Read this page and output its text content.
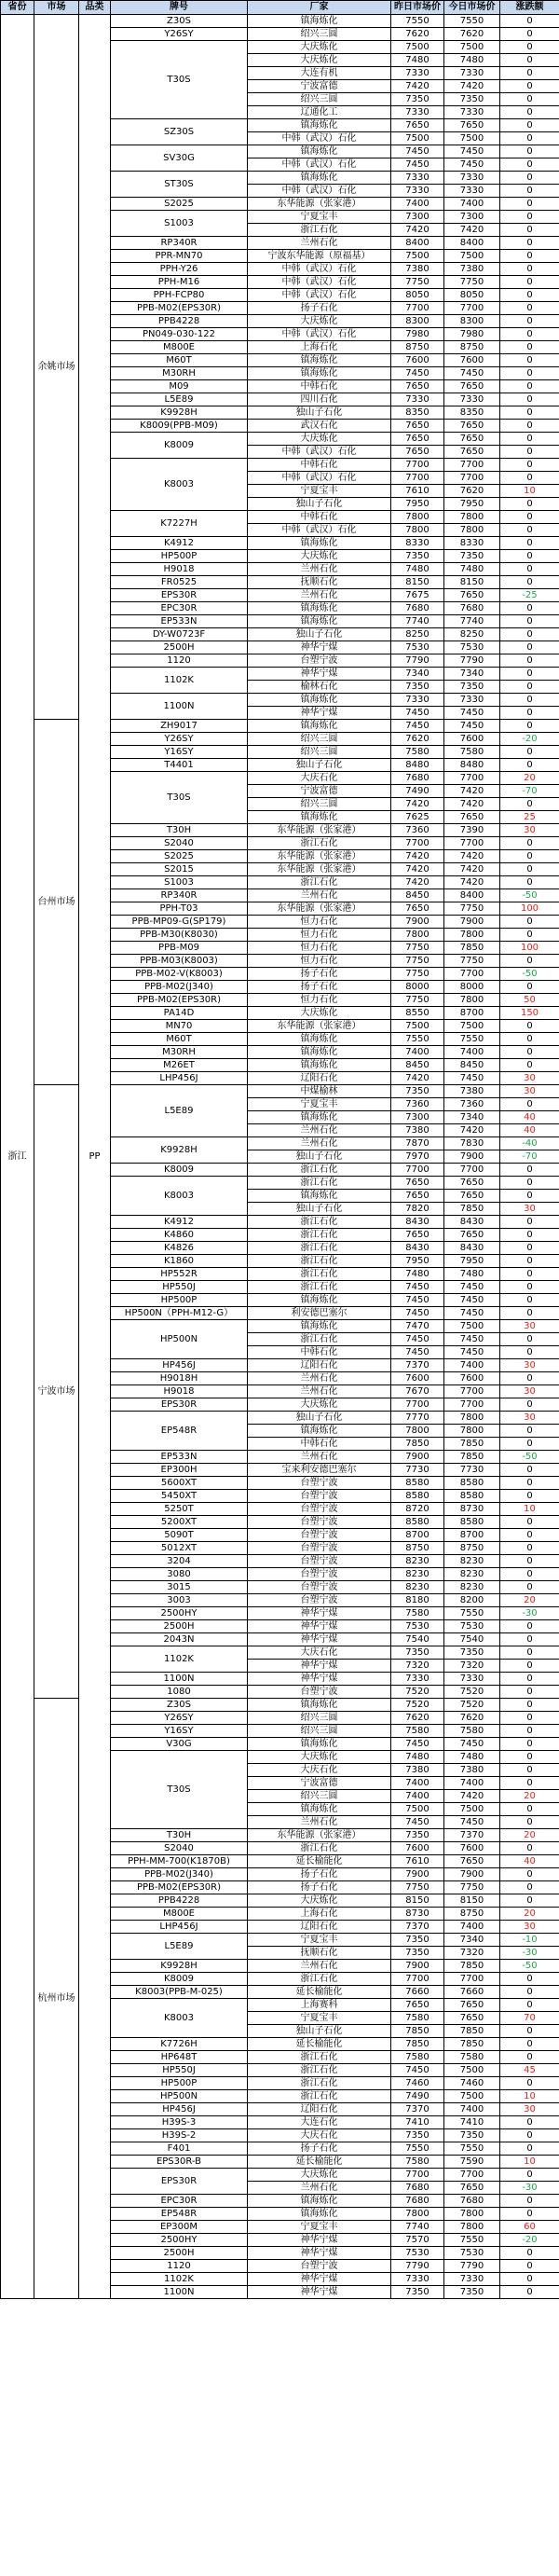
省份	市场	品类	牌号	厂家	昨日市场价	今日市场价	涨跌额
浙江	余姚市场	PP	Z30S	镇海炼化	7550	7550	0
			Y26SY	绍兴三圆	7620	7620	0
			T30S	大庆炼化	7500	7500	0
				大庆炼化	7480	7480	0
				大连有机	7330	7330	0
				宁波富德	7420	7420	0
				绍兴三圆	7350	7350	0
				辽通化工	7330	7330	0
			SZ30S	镇海炼化	7650	7650	0
				中韩（武汉）石化	7500	7500	0
			SV30G	镇海炼化	7450	7450	0
				中韩（武汉）石化	7450	7450	0
			ST30S	镇海炼化	7330	7330	0
				中韩（武汉）石化	7330	7330	0
			S2025	东华能源（张家港）	7400	7400	0
			S1003	宁夏宝丰	7300	7300	0
				浙江石化	7420	7420	0
			RP340R	兰州石化	8400	8400	0
			PPR-MN70	宁波东华能源（原福基）	7500	7500	0
			PPH-Y26	中韩（武汉）石化	7380	7380	0
			PPH-M16	中韩（武汉）石化	7750	7750	0
			PPH-FCP80	中韩（武汉）石化	8050	8050	0
			PPB-M02(EPS30R)	扬子石化	7700	7700	0
			PPB4228	大庆炼化	8300	8300	0
			PN049-030-122	中韩（武汉）石化	7980	7980	0
			M800E	上海石化	8750	8750	0
			M60T	镇海炼化	7600	7600	0
			M30RH	镇海炼化	7450	7450	0
			M09	中韩石化	7650	7650	0
			L5E89	四川石化	7330	7330	0
			K9928H	独山子石化	8350	8350	0
			K8009(PPB-M09)	武汉石化	7650	7650	0
			K8009	大庆炼化	7650	7650	0
				中韩（武汉）石化	7650	7650	0
			K8003	中韩石化	7700	7700	0
				中韩（武汉）石化	7700	7700	0
				宁夏宝丰	7610	7620	10
				独山子石化	7950	7950	0
			K7227H	中韩石化	7800	7800	0
				中韩（武汉）石化	7800	7800	0
			K4912	镇海炼化	8330	8330	0
			HP500P	大庆炼化	7350	7350	0
			H9018	兰州石化	7480	7480	0
			FR0525	抚顺石化	8150	8150	0
			EPS30R	兰州石化	7675	7650	-25
			EPC30R	镇海炼化	7680	7680	0
			EP533N	镇海炼化	7740	7740	0
			DY-W0723F	独山子石化	8250	8250	0
			2500H	神华宁煤	7530	7530	0
			1120	台塑宁波	7790	7790	0
			1102K	神华宁煤	7340	7340	0
				榆林石化	7350	7350	0
			1100N	镇海炼化	7330	7330	0
				神华宁煤	7450	7450	0
	台州市场		ZH9017	镇海炼化	7450	7450	0
			Y26SY	绍兴三圆	7620	7600	-20
			Y16SY	绍兴三圆	7580	7580	0
			T4401	独山子石化	8480	8480	0
			T30S	大庆石化	7680	7700	20
				宁波富德	7490	7420	-70
				绍兴三圆	7420	7420	0
				镇海炼化	7625	7650	25
			T30H	东华能源（张家港）	7360	7390	30
			S2040	浙江石化	7700	7700	0
			S2025	东华能源（张家港）	7420	7420	0
			S2015	东华能源（张家港）	7420	7420	0
			S1003	浙江石化	7420	7420	0
			RP340R	兰州石化	8450	8400	-50
			PPH-T03	东华能源（张家港）	7650	7750	100
			PPB-MP09-G(SP179)	恒力石化	7900	7900	0
			PPB-M30(K8030)	恒力石化	7800	7800	0
			PPB-M09	恒力石化	7750	7850	100
			PPB-M03(K8003)	恒力石化	7750	7750	0
			PPB-M02-V(K8003)	扬子石化	7750	7700	-50
			PPB-M02(J340)	扬子石化	8000	8000	0
			PPB-M02(EPS30R)	恒力石化	7750	7800	50
			PA14D	大庆炼化	8550	8700	150
			MN70	东华能源（张家港）	7500	7500	0
			M60T	镇海炼化	7550	7550	0
			M30RH	镇海炼化	7400	7400	0
			M26ET	镇海炼化	8450	8450	0
			LHP456J	辽阳石化	7420	7450	30
	宁波市场		L5E89	中煤榆林	7350	7380	30
				宁夏宝丰	7360	7360	0
				镇海炼化	7300	7340	40
				兰州石化	7380	7420	40
			K9928H	兰州石化	7870	7830	-40
				独山子石化	7970	7900	-70
			K8009	浙江石化	7700	7700	0
			K8003	浙江石化	7650	7650	0
				镇海炼化	7650	7650	0
				独山子石化	7820	7850	30
			K4912	浙江石化	8430	8430	0
			K4860	浙江石化	7650	7650	0
			K4826	浙江石化	8430	8430	0
			K1860	浙江石化	7950	7950	0
			HP552R	浙江石化	7480	7480	0
			HP550J	浙江石化	7450	7450	0
			HP500P	镇海炼化	7450	7450	0
			HP500N（PPH-M12-G）	利安德巴塞尔	7450	7450	0
			HP500N	镇海炼化	7470	7500	30
				浙江石化	7450	7450	0
				中韩石化	7450	7450	0
			HP456J	辽阳石化	7370	7400	30
			H9018H	兰州石化	7600	7600	0
			H9018	兰州石化	7670	7700	30
			EPS30R	大庆炼化	7700	7700	0
			EP548R	独山子石化	7770	7800	30
				镇海炼化	7800	7800	0
				中韩石化	7850	7850	0
			EP533N	兰州石化	7900	7850	-50
			EP300H	宝来利安德巴塞尔	7730	7730	0
			5600XT	台塑宁波	8580	8580	0
			5450XT	台塑宁波	8580	8580	0
			5250T	台塑宁波	8720	8730	10
			5200XT	台塑宁波	8580	8580	0
			5090T	台塑宁波	8700	8700	0
			5012XT	台塑宁波	8750	8750	0
			3204	台塑宁波	8230	8230	0
			3080	台塑宁波	8230	8230	0
			3015	台塑宁波	8230	8230	0
			3003	台塑宁波	8180	8200	20
			2500HY	神华宁煤	7580	7550	-30
			2500H	神华宁煤	7530	7530	0
			2043N	神华宁煤	7540	7540	0
			1102K	大庆石化	7350	7350	0
				神华宁煤	7320	7320	0
			1100N	神华宁煤	7330	7330	0
			1080	台塑宁波	7520	7520	0
	杭州市场		Z30S	镇海炼化	7520	7520	0
			Y26SY	绍兴三圆	7620	7620	0
			Y16SY	绍兴三圆	7580	7580	0
			V30G	镇海炼化	7450	7450	0
			T30S	大庆炼化	7480	7480	0
				大庆石化	7380	7380	0
				宁波富德	7400	7400	0
				绍兴三圆	7400	7420	20
				镇海炼化	7500	7500	0
				兰州石化	7450	7450	0
			T30H	东华能源（张家港）	7350	7370	20
			S2040	浙江石化	7600	7600	0
			PPH-MM-700(K1870B)	延长榆能化	7610	7650	40
			PPB-M02(J340)	扬子石化	7900	7900	0
			PPB-M02(EPS30R)	扬子石化	7750	7750	0
			PPB4228	大庆炼化	8150	8150	0
			M800E	上海石化	8730	8750	20
			LHP456J	辽阳石化	7370	7400	30
			L5E89	宁夏宝丰	7350	7340	-10
				抚顺石化	7350	7320	-30
			K9928H	兰州石化	7900	7850	-50
			K8009	浙江石化	7700	7700	0
			K8003(PPB-M-025)	延长榆能化	7660	7660	0
			K8003	上海赛科	7650	7650	0
				宁夏宝丰	7580	7650	70
				独山子石化	7850	7850	0
			K7726H	延长榆能化	7850	7850	0
			HP648T	浙江石化	7580	7580	0
			HP550J	浙江石化	7450	7500	45
			HP500P	浙江石化	7460	7460	0
			HP500N	浙江石化	7490	7500	10
			HP456J	辽阳石化	7370	7400	30
			H39S-3	大连石化	7410	7410	0
			H39S-2	大庆石化	7350	7350	0
			F401	扬子石化	7550	7550	0
			EPS30R-B	延长榆能化	7580	7590	10
			EPS30R	大庆炼化	7700	7700	0
				兰州石化	7680	7650	-30
			EPC30R	镇海炼化	7680	7680	0
			EP548R	镇海炼化	7800	7800	0
			EP300M	宁夏宝丰	7740	7800	60
			2500HY	神华宁煤	7570	7550	-20
			2500H	神华宁煤	7530	7530	0
			1120	台塑宁波	7790	7790	0
			1102K	神华宁煤	7330	7330	0
			1100N	神华宁煤	7350	7350	0
